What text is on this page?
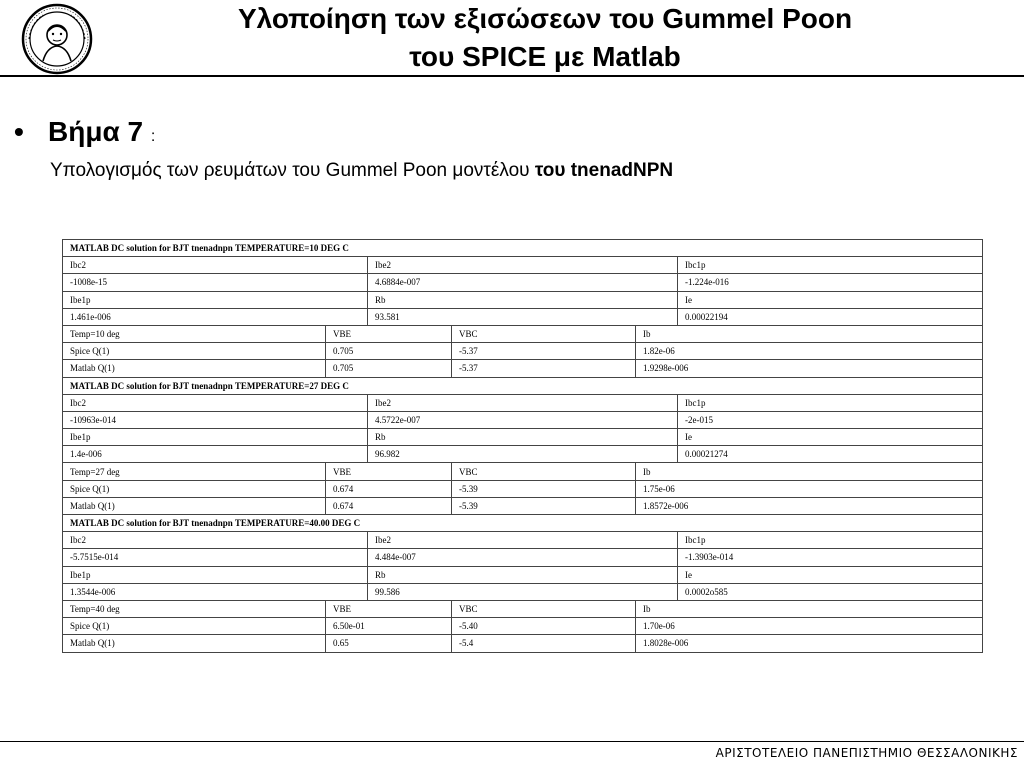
Υλοποίηση των εξισώσεων του Gummel Poon
του SPICE με Matlab
• Βήμα 7 :
Υπολογισμός των ρευμάτων του Gummel Poon μοντέλου του tnenadNPN
MATLAB DC solution for BJT tnenadnpn TEMPERATURE=10 DEG C						
Ibc2		Ibe2			Ibc1p	
-1008e-15		4.6884e-007			-1.224e-016	
Ibe1p		Rb			Ie	
1.461e-006		93.581			0.00022194	
Temp=10 deg	VBE		VBC	Ib	
Spice Q(1)	0.705		-5.37	1.82e-06	
Matlab Q(1)	0.705		-5.37	1.9298e-006	
MATLAB DC solution for BJT tnenadnpn TEMPERATURE=27 DEG C						
Ibc2		Ibe2			Ibc1p	
-10963e-014		4.5722e-007			-2e-015	
Ibe1p		Rb			Ie	
1.4e-006		96.982			0.00021274	
Temp=27 deg	VBE		VBC	Ib	
Spice Q(1)	0.674		-5.39	1.75e-06	
Matlab Q(1)	0.674		-5.39	1.8572e-006	
MATLAB DC solution for BJT tnenadnpn TEMPERATURE=40.00 DEG C						
Ibc2		Ibe2			Ibc1p	
-5.7515e-014		4.484e-007			-1.3903e-014	
Ibe1p		Rb			Ie	
1.3544e-006		99.586			0.0002o585	
Temp=40 deg	VBE		VBC	Ib	
Spice Q(1)	6.50e-01		-5.40	1.70e-06	
Matlab Q(1)	0.65		-5.4	1.8028e-006	
ΑΡΙΣΤΟΤΕΛΕΙΟ ΠΑΝΕΠΙΣΤΗΜΙΟ ΘΕΣΣΑΛΟΝΙΚΗΣ
